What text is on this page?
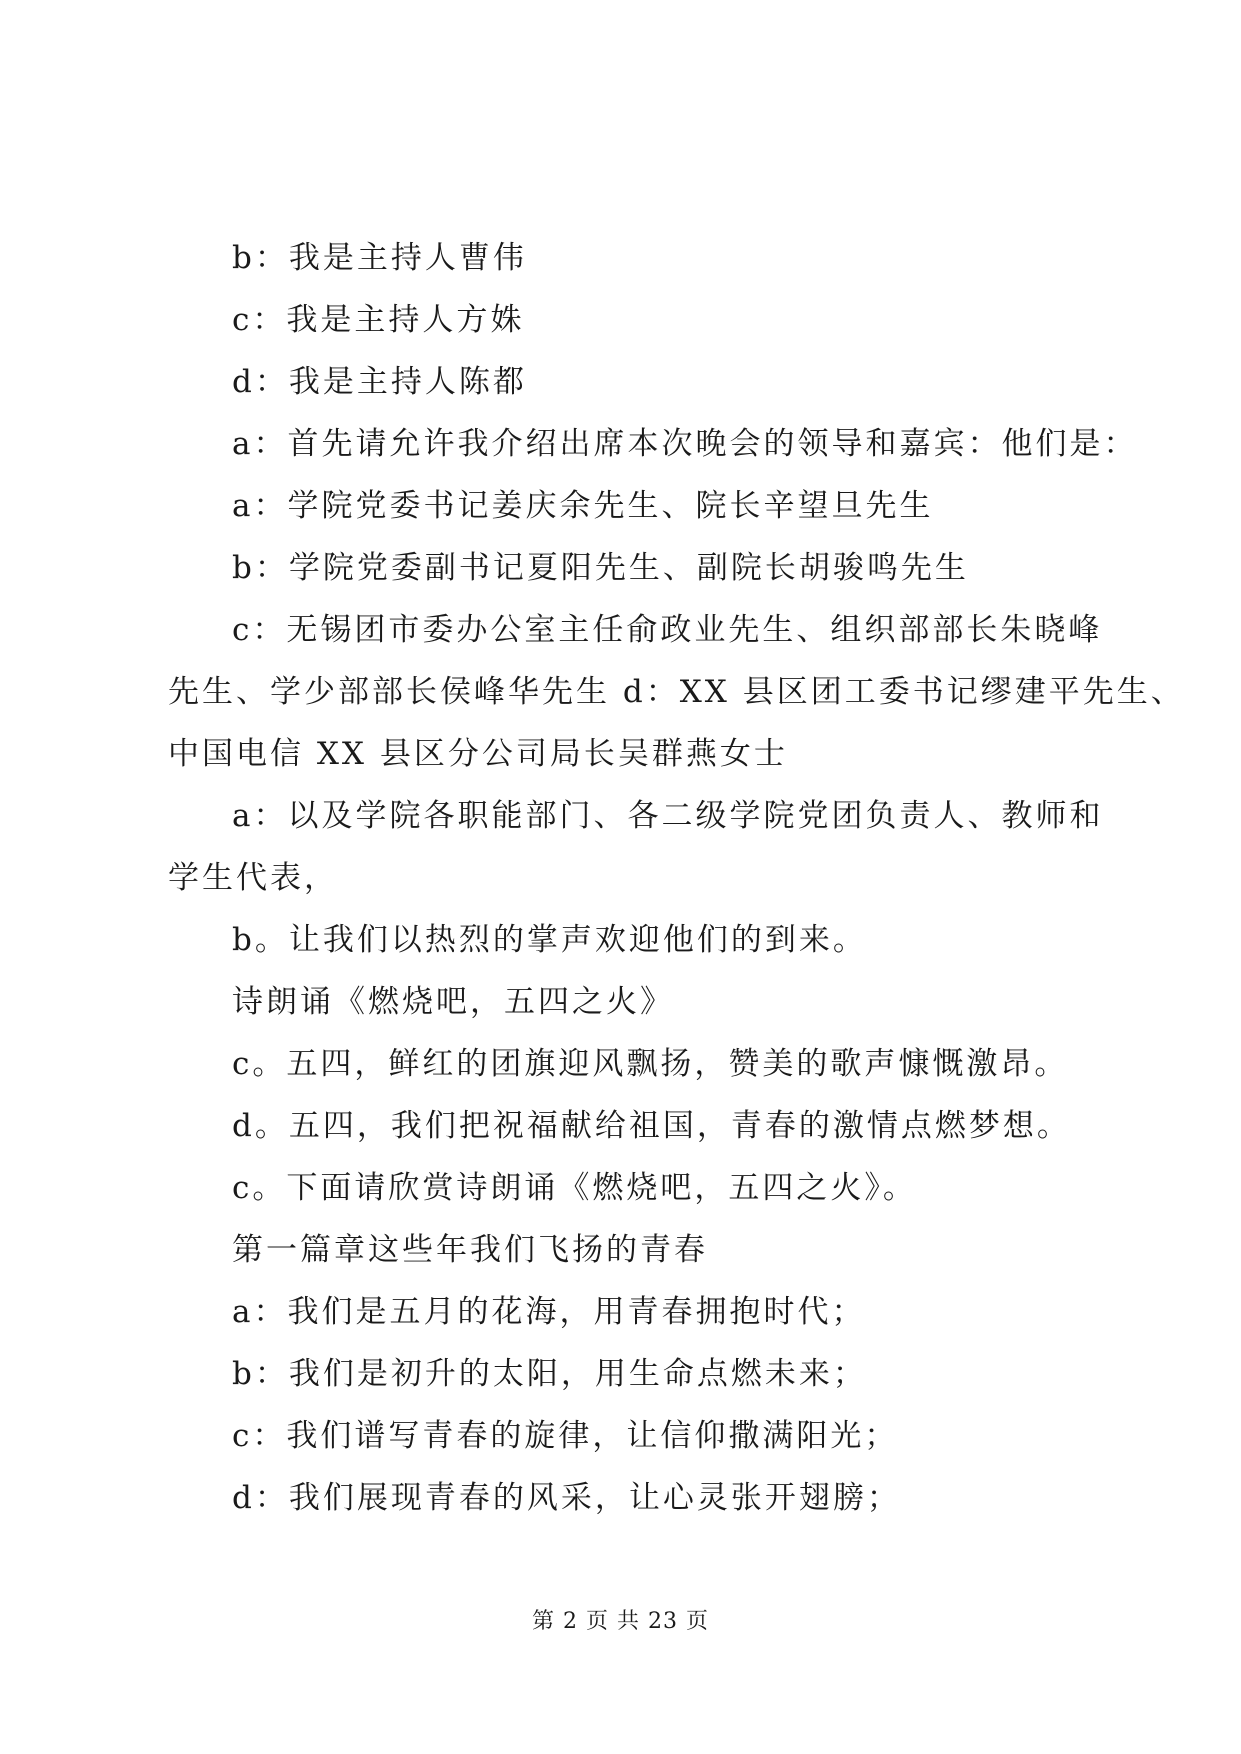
b：我是主持人曹伟

c：我是主持人方姝

d：我是主持人陈都

a：首先请允许我介绍出席本次晚会的领导和嘉宾：他们是：

a：学院党委书记姜庆余先生、院长辛望旦先生

b：学院党委副书记夏阳先生、副院长胡骏鸣先生

c：无锡团市委办公室主任俞政业先生、组织部部长朱晓峰

先生、学少部部长侯峰华先生 d：XX 县区团工委书记缪建平先生、

中国电信 XX 县区分公司局长吴群燕女士

a：以及学院各职能部门、各二级学院党团负责人、教师和

学生代表，

b。让我们以热烈的掌声欢迎他们的到来。

诗朗诵《燃烧吧，五四之火》

c。五四，鲜红的团旗迎风飘扬，赞美的歌声慷慨激昂。

d。五四，我们把祝福献给祖国，青春的激情点燃梦想。

c。下面请欣赏诗朗诵《燃烧吧，五四之火》。

第一篇章这些年我们飞扬的青春

a：我们是五月的花海，用青春拥抱时代；

b：我们是初升的太阳，用生命点燃未来；

c：我们谱写青春的旋律，让信仰撒满阳光；

d：我们展现青春的风采，让心灵张开翅膀；

第 2 页 共 23 页
